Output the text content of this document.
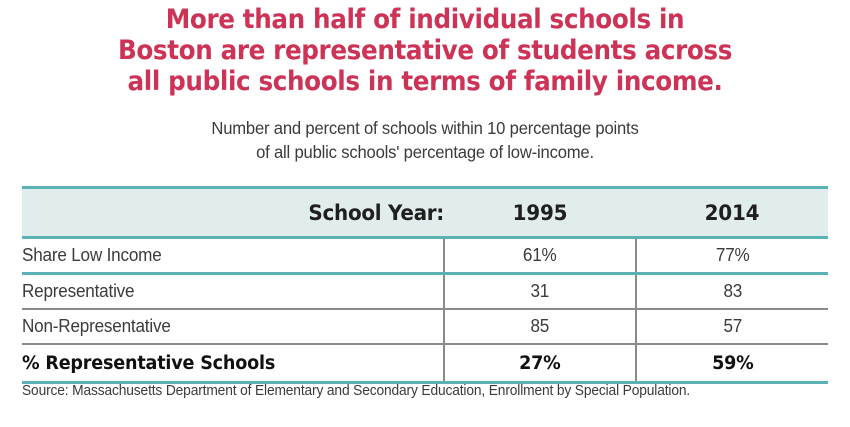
More than half of individual schools in
Boston are representative of students across
all public schools in terms of family income.
Number and percent of schools within 10 percentage points
of all public schools' percentage of low-income.
School Year:	1995	2014
Share Low Income	61%	77%
Representative	31	83
Non-Representative	85	57
% Representative Schools	27%	59%
Source: Massachusetts Department of Elementary and Secondary Education, Enrollment by Special Population.
